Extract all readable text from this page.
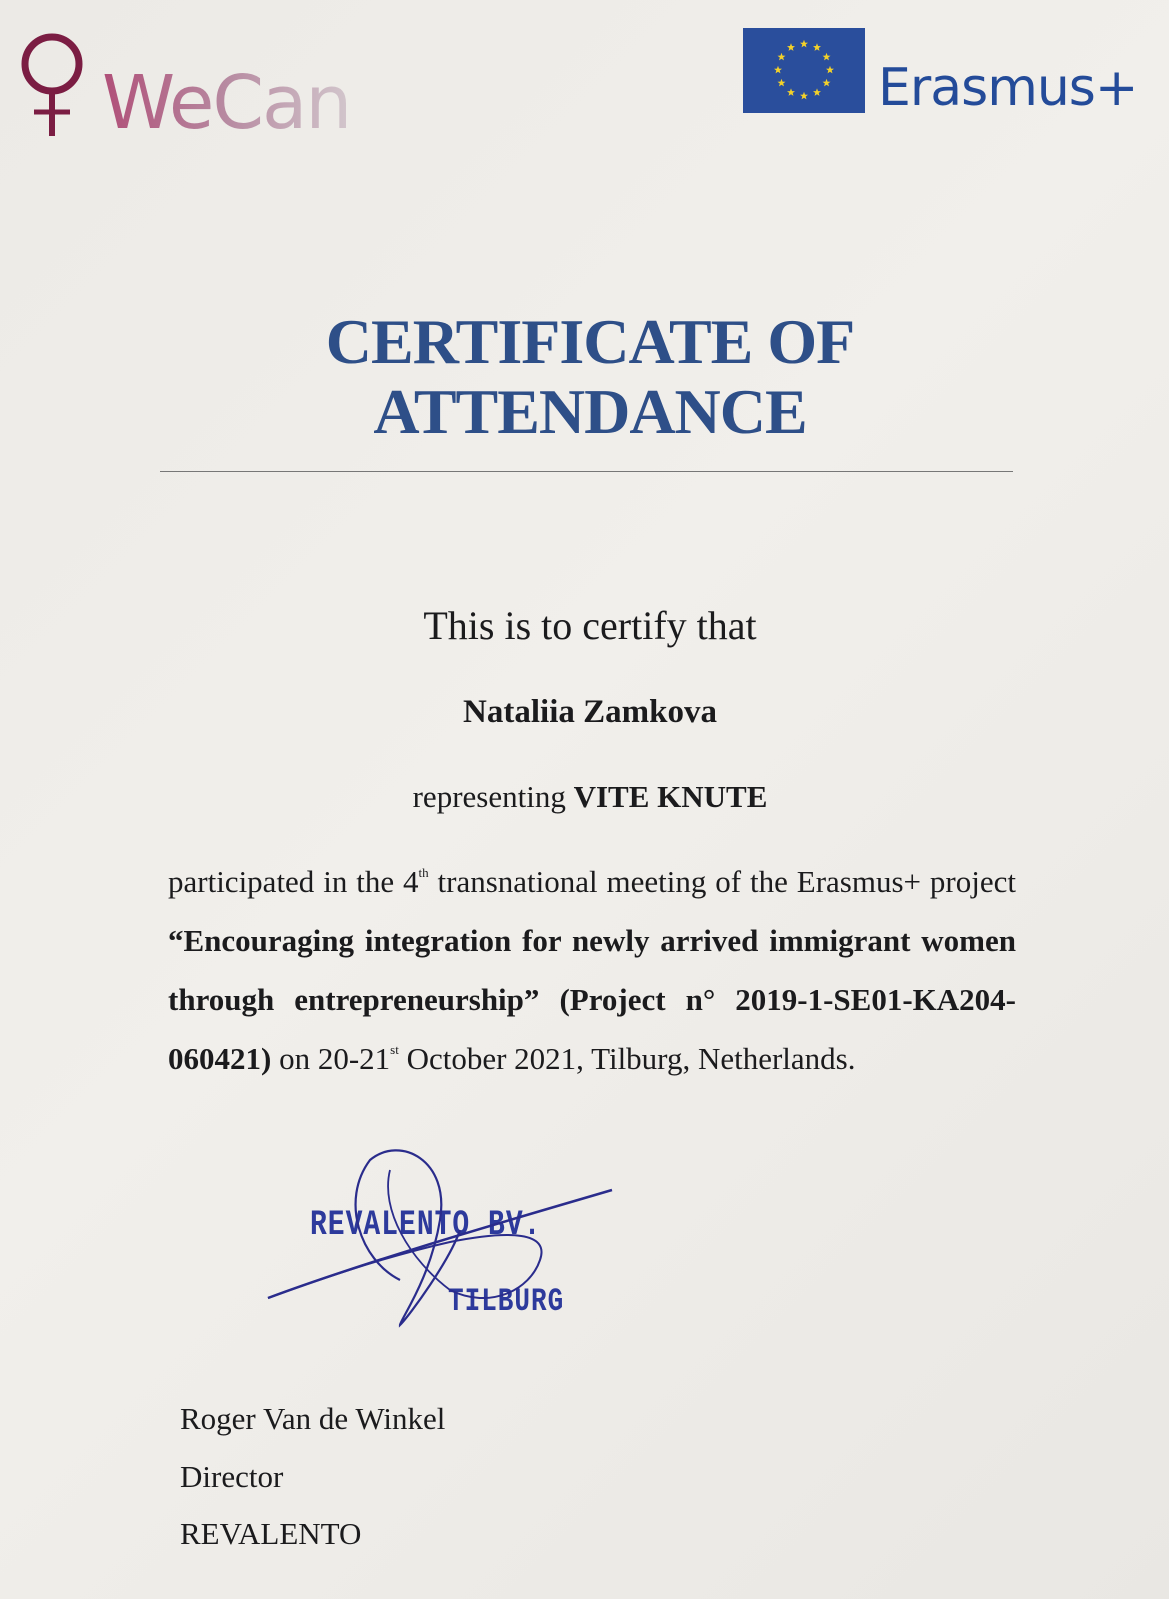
WeCan	Erasmus+
CERTIFICATE OF
ATTENDANCE
This is to certify that
Nataliia Zamkova
representing VITE KNUTE
participated in the 4th transnational meeting of the Erasmus+ project “Encouraging integration for newly arrived immigrant women through entrepreneurship” (Project n° 2019-1-SE01-KA204-060421) on 20-21st October 2021, Tilburg, Netherlands.
REVALENTO BV.
TILBURG
Roger Van de Winkel
Director
REVALENTO
